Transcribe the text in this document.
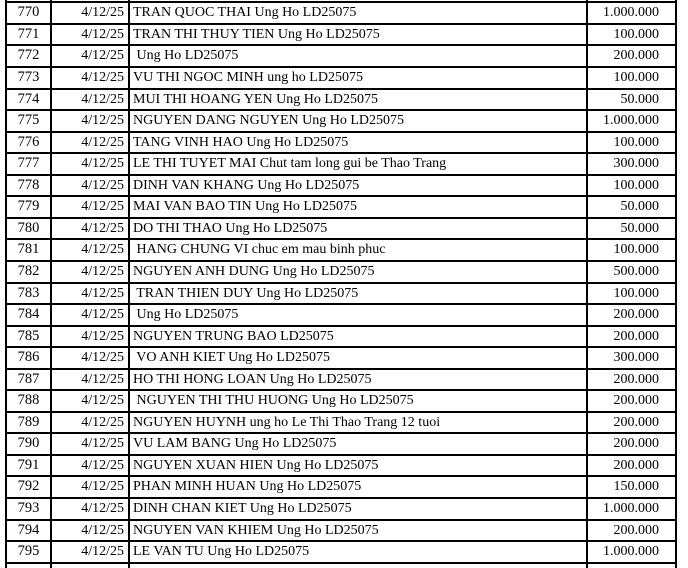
770	4/12/25 TRAN QUOC THAI Ung Ho LD25075	1.000.000
771	4/12/25 TRAN THI THUY TIEN Ung Ho LD25075	100.000
772	4/12/25 Ung Ho LD25075	200.000
773	4/12/25 VU THI NGOC MINH ung ho LD25075	100.000
774	4/12/25 MUI THI HOANG YEN Ung Ho LD25075	50.000
775	4/12/25 NGUYEN DANG NGUYEN Ung Ho LD25075	1.000.000
776	4/12/25 TANG VINH HAO Ung Ho LD25075	100.000
777	4/12/25 LE THI TUYET MAI Chut tam long gui be Thao Trang	300.000
778	4/12/25 DINH VAN KHANG Ung Ho LD25075	100.000
779	4/12/25 MAI VAN BAO TIN Ung Ho LD25075	50.000
780	4/12/25 DO THI THAO Ung Ho LD25075	50.000
781	4/12/25 HANG CHUNG VI chuc em mau binh phuc	100.000
782	4/12/25 NGUYEN ANH DUNG Ung Ho LD25075	500.000
783	4/12/25 TRAN THIEN DUY Ung Ho LD25075	100.000
784	4/12/25 Ung Ho LD25075	200.000
785	4/12/25 NGUYEN TRUNG BAO LD25075	200.000
786	4/12/25 VO ANH KIET Ung Ho LD25075	300.000
787	4/12/25 HO THI HONG LOAN Ung Ho LD25075	200.000
788	4/12/25 NGUYEN THI THU HUONG Ung Ho LD25075	200.000
789	4/12/25 NGUYEN HUYNH ung ho Le Thi Thao Trang 12 tuoi	200.000
790	4/12/25 VU LAM BANG Ung Ho LD25075	200.000
791	4/12/25 NGUYEN XUAN HIEN Ung Ho LD25075	200.000
792	4/12/25 PHAN MINH HUAN Ung Ho LD25075	150.000
793	4/12/25 DINH CHAN KIET Ung Ho LD25075	1.000.000
794	4/12/25 NGUYEN VAN KHIEM Ung Ho LD25075	200.000
795	4/12/25 LE VAN TU Ung Ho LD25075	1.000.000
